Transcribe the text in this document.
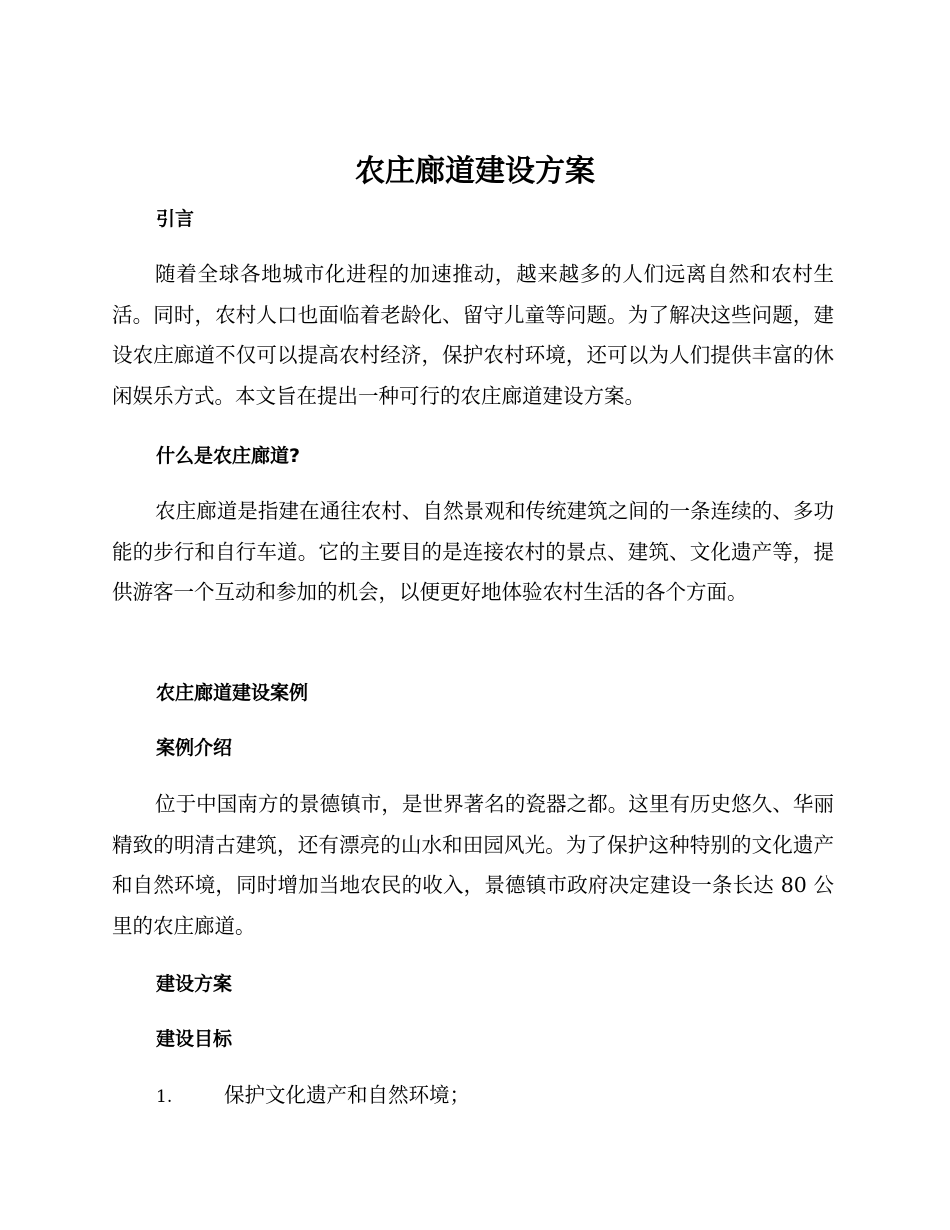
农庄廊道建设方案
引言

随着全球各地城市化进程的加速推动，越来越多的人们远离自然和农村生活。同时，农村人口也面临着老龄化、留守儿童等问题。为了解决这些问题，建设农庄廊道不仅可以提高农村经济，保护农村环境，还可以为人们提供丰富的休闲娱乐方式。本文旨在提出一种可行的农庄廊道建设方案。

什么是农庄廊道?

农庄廊道是指建在通往农村、自然景观和传统建筑之间的一条连续的、多功能的步行和自行车道。它的主要目的是连接农村的景点、建筑、文化遗产等，提供游客一个互动和参加的机会，以便更好地体验农村生活的各个方面。

农庄廊道建设案例
案例介绍

位于中国南方的景德镇市，是世界著名的瓷器之都。这里有历史悠久、华丽精致的明清古建筑，还有漂亮的山水和田园风光。为了保护这种特别的文化遗产和自然环境，同时增加当地农民的收入，景德镇市政府决定建设一条长达 80 公里的农庄廊道。

建设方案
建设目标

1.	保护文化遗产和自然环境；
